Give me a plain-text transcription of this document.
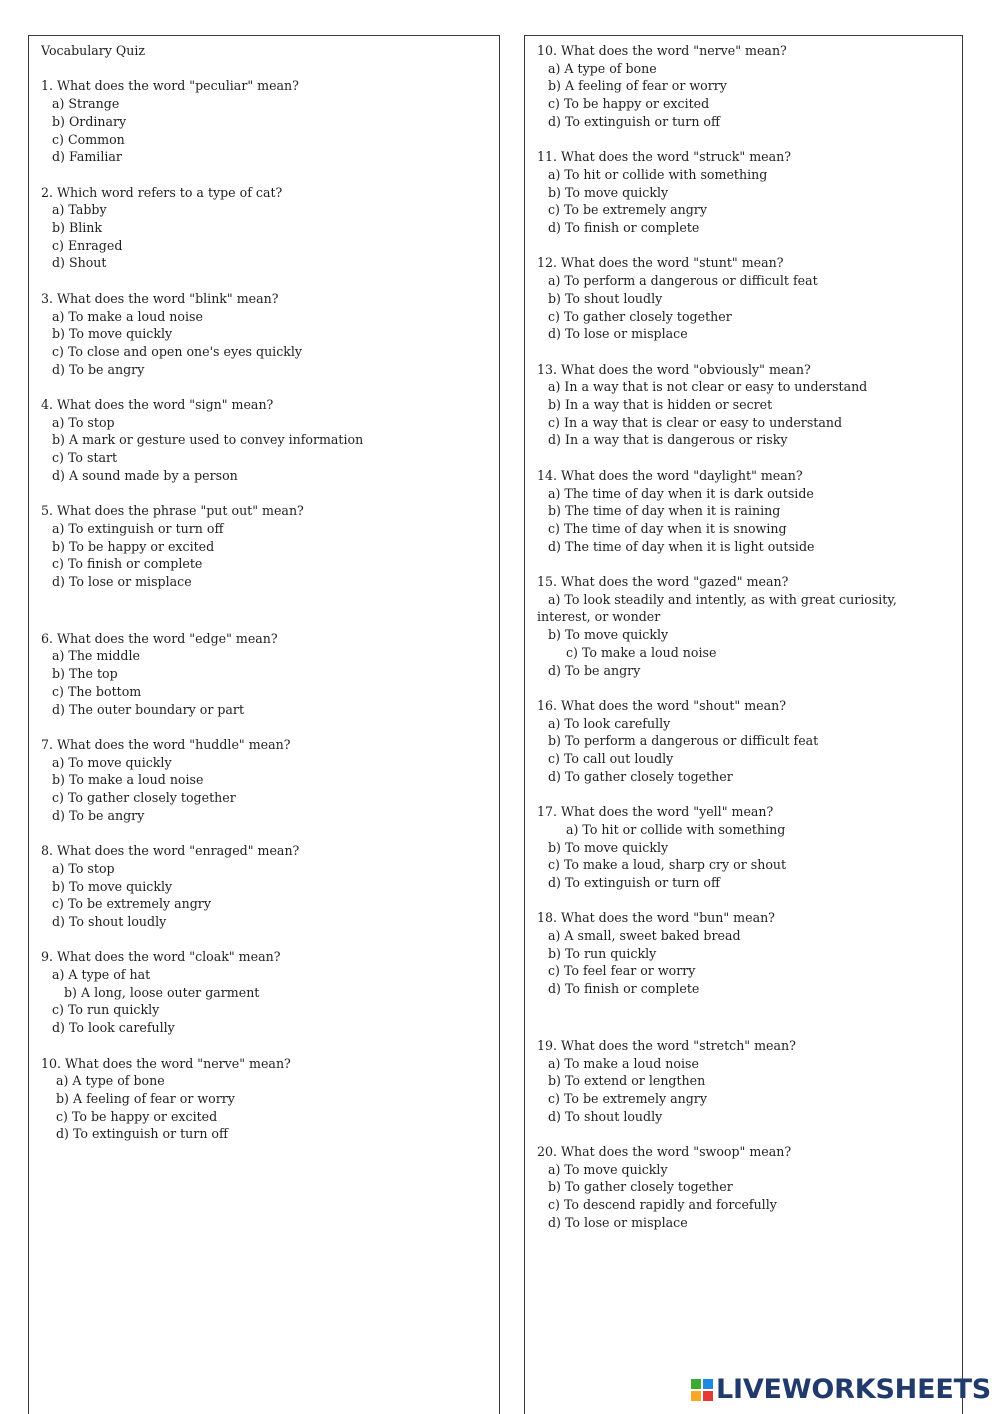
Vocabulary Quiz
1. What does the word "peculiar" mean?
a) Strange
b) Ordinary
c) Common
d) Familiar
2. Which word refers to a type of cat?
a) Tabby
b) Blink
c) Enraged
d) Shout
3. What does the word "blink" mean?
a) To make a loud noise
b) To move quickly
c) To close and open one's eyes quickly
d) To be angry
4. What does the word "sign" mean?
a) To stop
b) A mark or gesture used to convey information
c) To start
d) A sound made by a person
5. What does the phrase "put out" mean?
a) To extinguish or turn off
b) To be happy or excited
c) To finish or complete
d) To lose or misplace
6. What does the word "edge" mean?
a) The middle
b) The top
c) The bottom
d) The outer boundary or part
7. What does the word "huddle" mean?
a) To move quickly
b) To make a loud noise
c) To gather closely together
d) To be angry
8. What does the word "enraged" mean?
a) To stop
b) To move quickly
c) To be extremely angry
d) To shout loudly
9. What does the word "cloak" mean?
a) A type of hat
b) A long, loose outer garment
c) To run quickly
d) To look carefully
10. What does the word "nerve" mean?
a) A type of bone
b) A feeling of fear or worry
c) To be happy or excited
d) To extinguish or turn off
10. What does the word "nerve" mean?
a) A type of bone
b) A feeling of fear or worry
c) To be happy or excited
d) To extinguish or turn off
11. What does the word "struck" mean?
a) To hit or collide with something
b) To move quickly
c) To be extremely angry
d) To finish or complete
12. What does the word "stunt" mean?
a) To perform a dangerous or difficult feat
b) To shout loudly
c) To gather closely together
d) To lose or misplace
13. What does the word "obviously" mean?
a) In a way that is not clear or easy to understand
b) In a way that is hidden or secret
c) In a way that is clear or easy to understand
d) In a way that is dangerous or risky
14. What does the word "daylight" mean?
a) The time of day when it is dark outside
b) The time of day when it is raining
c) The time of day when it is snowing
d) The time of day when it is light outside
15. What does the word "gazed" mean?
a) To look steadily and intently, as with great curiosity, interest, or wonder
b) To move quickly
c) To make a loud noise
d) To be angry
16. What does the word "shout" mean?
a) To look carefully
b) To perform a dangerous or difficult feat
c) To call out loudly
d) To gather closely together
17. What does the word "yell" mean?
a) To hit or collide with something
b) To move quickly
c) To make a loud, sharp cry or shout
d) To extinguish or turn off
18. What does the word "bun" mean?
a) A small, sweet baked bread
b) To run quickly
c) To feel fear or worry
d) To finish or complete
19. What does the word "stretch" mean?
a) To make a loud noise
b) To extend or lengthen
c) To be extremely angry
d) To shout loudly
20. What does the word "swoop" mean?
a) To move quickly
b) To gather closely together
c) To descend rapidly and forcefully
d) To lose or misplace
LIVEWORKSHEETS
